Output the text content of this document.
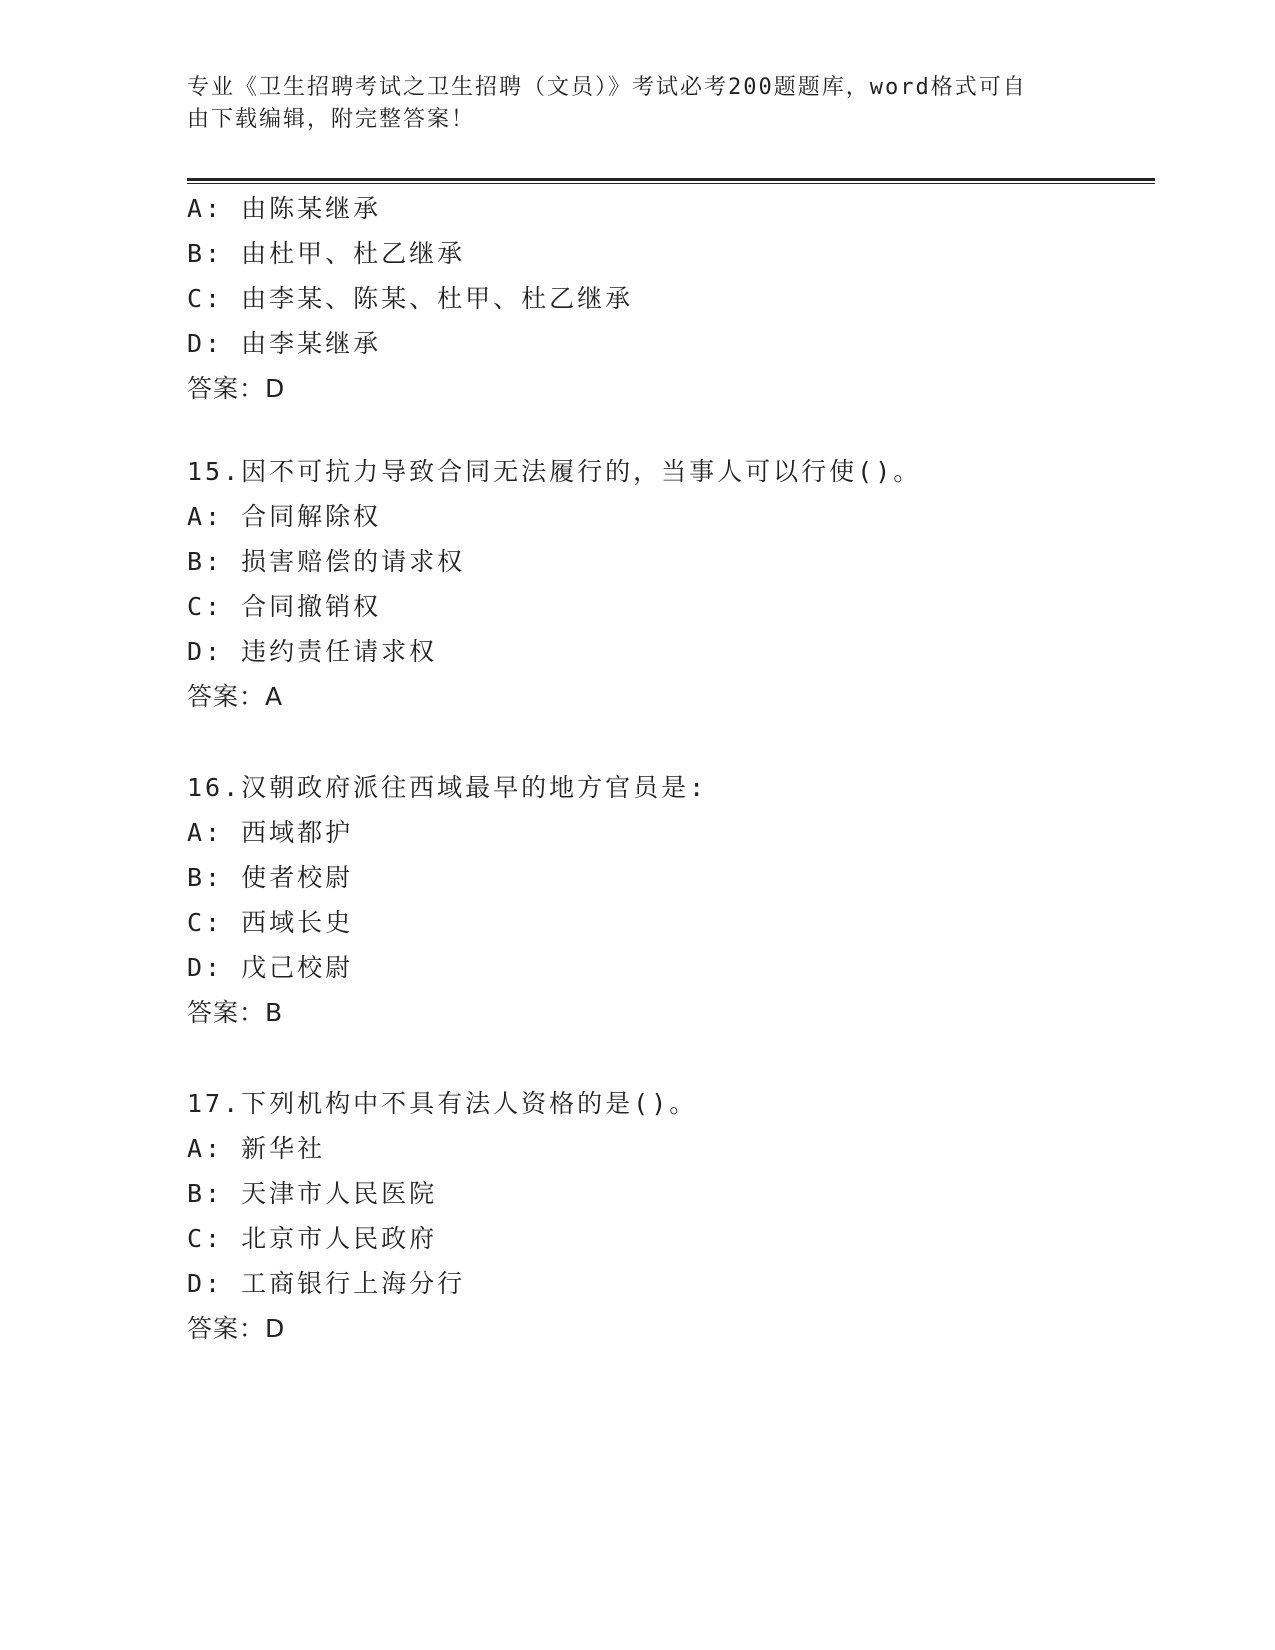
专业《卫生招聘考试之卫生招聘（文员）》考试必考200题题库，word格式可自
由下载编辑，附完整答案！
A: 由陈某继承
B: 由杜甲、杜乙继承
C: 由李某、陈某、杜甲、杜乙继承
D: 由李某继承
答案：D
15.因不可抗力导致合同无法履行的，当事人可以行使()。
A: 合同解除权
B: 损害赔偿的请求权
C: 合同撤销权
D: 违约责任请求权
答案：A
16.汉朝政府派往西域最早的地方官员是:
A: 西域都护
B: 使者校尉
C: 西域长史
D: 戊己校尉
答案：B
17.下列机构中不具有法人资格的是()。
A: 新华社
B: 天津市人民医院
C: 北京市人民政府
D: 工商银行上海分行
答案：D
